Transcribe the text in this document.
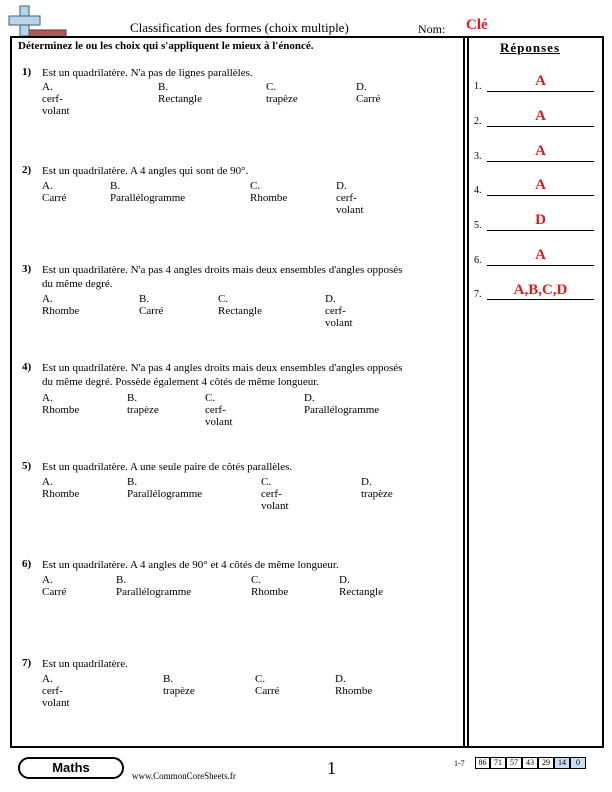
Classification des formes (choix multiple)	Nom: Clé
Déterminez le ou les choix qui s'appliquent le mieux à l'énoncé.
1) Est un quadrilatère. N'a pas de lignes parallèles.
A. cerf-volant
B. Rectangle
C. trapèze
D. Carré
2) Est un quadrilatère. A 4 angles qui sont de 90°.
A. Carré
B. Parallélogramme
C. Rhombe
D. cerf-volant
3) Est un quadrilatère. N'a pas 4 angles droits mais deux ensembles d'angles opposés
du même degré.
A. Rhombe
B. Carré
C. Rectangle
D. cerf-volant
4) Est un quadrilatère. N'a pas 4 angles droits mais deux ensembles d'angles opposés
du même degré. Possède également 4 côtés de même longueur.
A. Rhombe
B. trapèze
C. cerf-volant
D. Parallélogramme
5) Est un quadrilatère. A une seule paire de côtés parallèles.
A. Rhombe
B. Parallélogramme
C. cerf-volant
D. trapèze
6) Est un quadrilatère. A 4 angles de 90° et 4 côtés de même longueur.
A. Carré
B. Parallélogramme
C. Rhombe
D. Rectangle
7) Est un quadrilatère.
A. cerf-volant
B. trapèze
C. Carré
D. Rhombe
Réponses
1.	A
2.	A
3.	A
4.	A
5.	D
6.	A
7.	A,B,C,D
Maths
www.CommonCoreSheets.fr	1	1-7	86 71	57	43	29	14	0
